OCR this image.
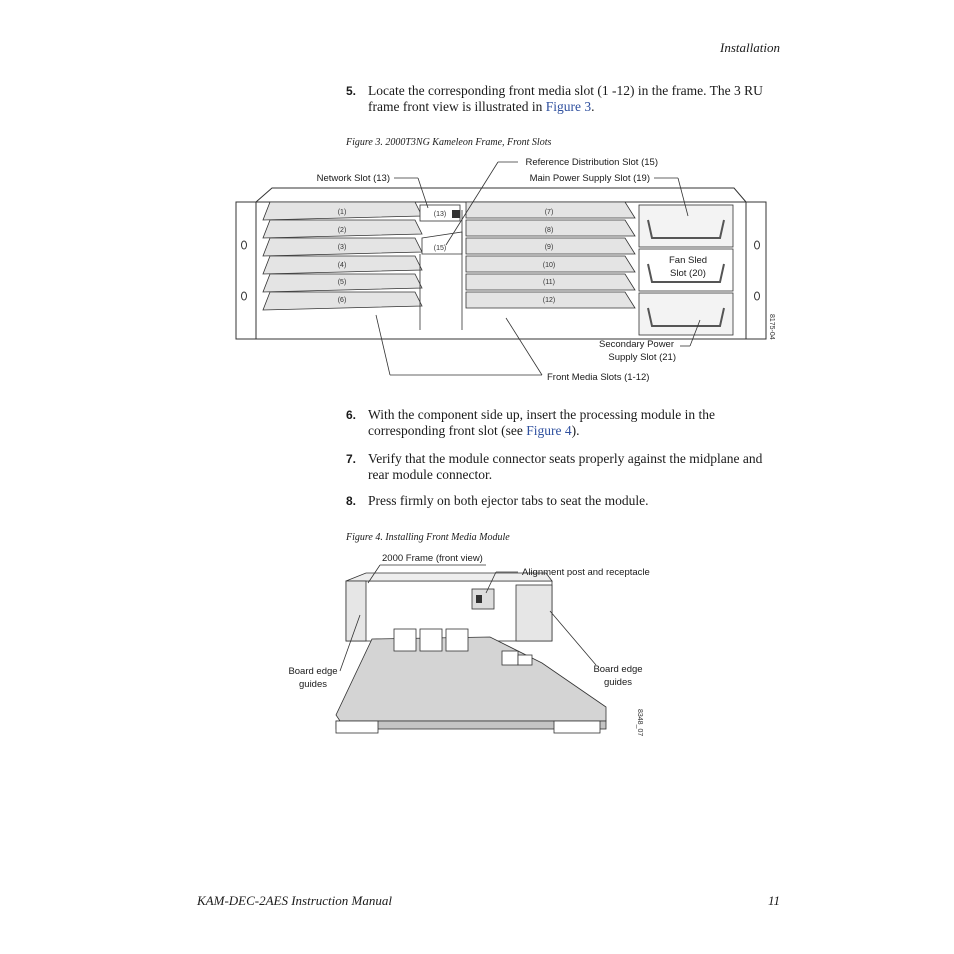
Installation
5. Locate the corresponding front media slot (1 -12) in the frame. The 3 RU frame front view is illustrated in Figure 3.
Figure 3. 2000T3NG Kameleon Frame, Front Slots
(1)
(2)
(3)
(4)
(5)
(6)
(13)
(15)
(7)
(8)
(9)
(10)
(11)
(12)
Fan Sled
Slot (20)
Network Slot (13)
Reference Distribution Slot (15)
Main Power Supply Slot (19)
Secondary Power
Supply Slot (21)
Front Media Slots (1-12)
8175-04
6. With the component side up, insert the processing module in the corresponding front slot (see Figure 4).
7. Verify that the module connector seats properly against the midplane and rear module connector.
8. Press firmly on both ejector tabs to seat the module.
Figure 4. Installing Front Media Module
2000 Frame (front view)
Alignment post and receptacle
Board edge
guides
Board edge
guides
8348_07
KAM-DEC-2AES Instruction Manual	11
